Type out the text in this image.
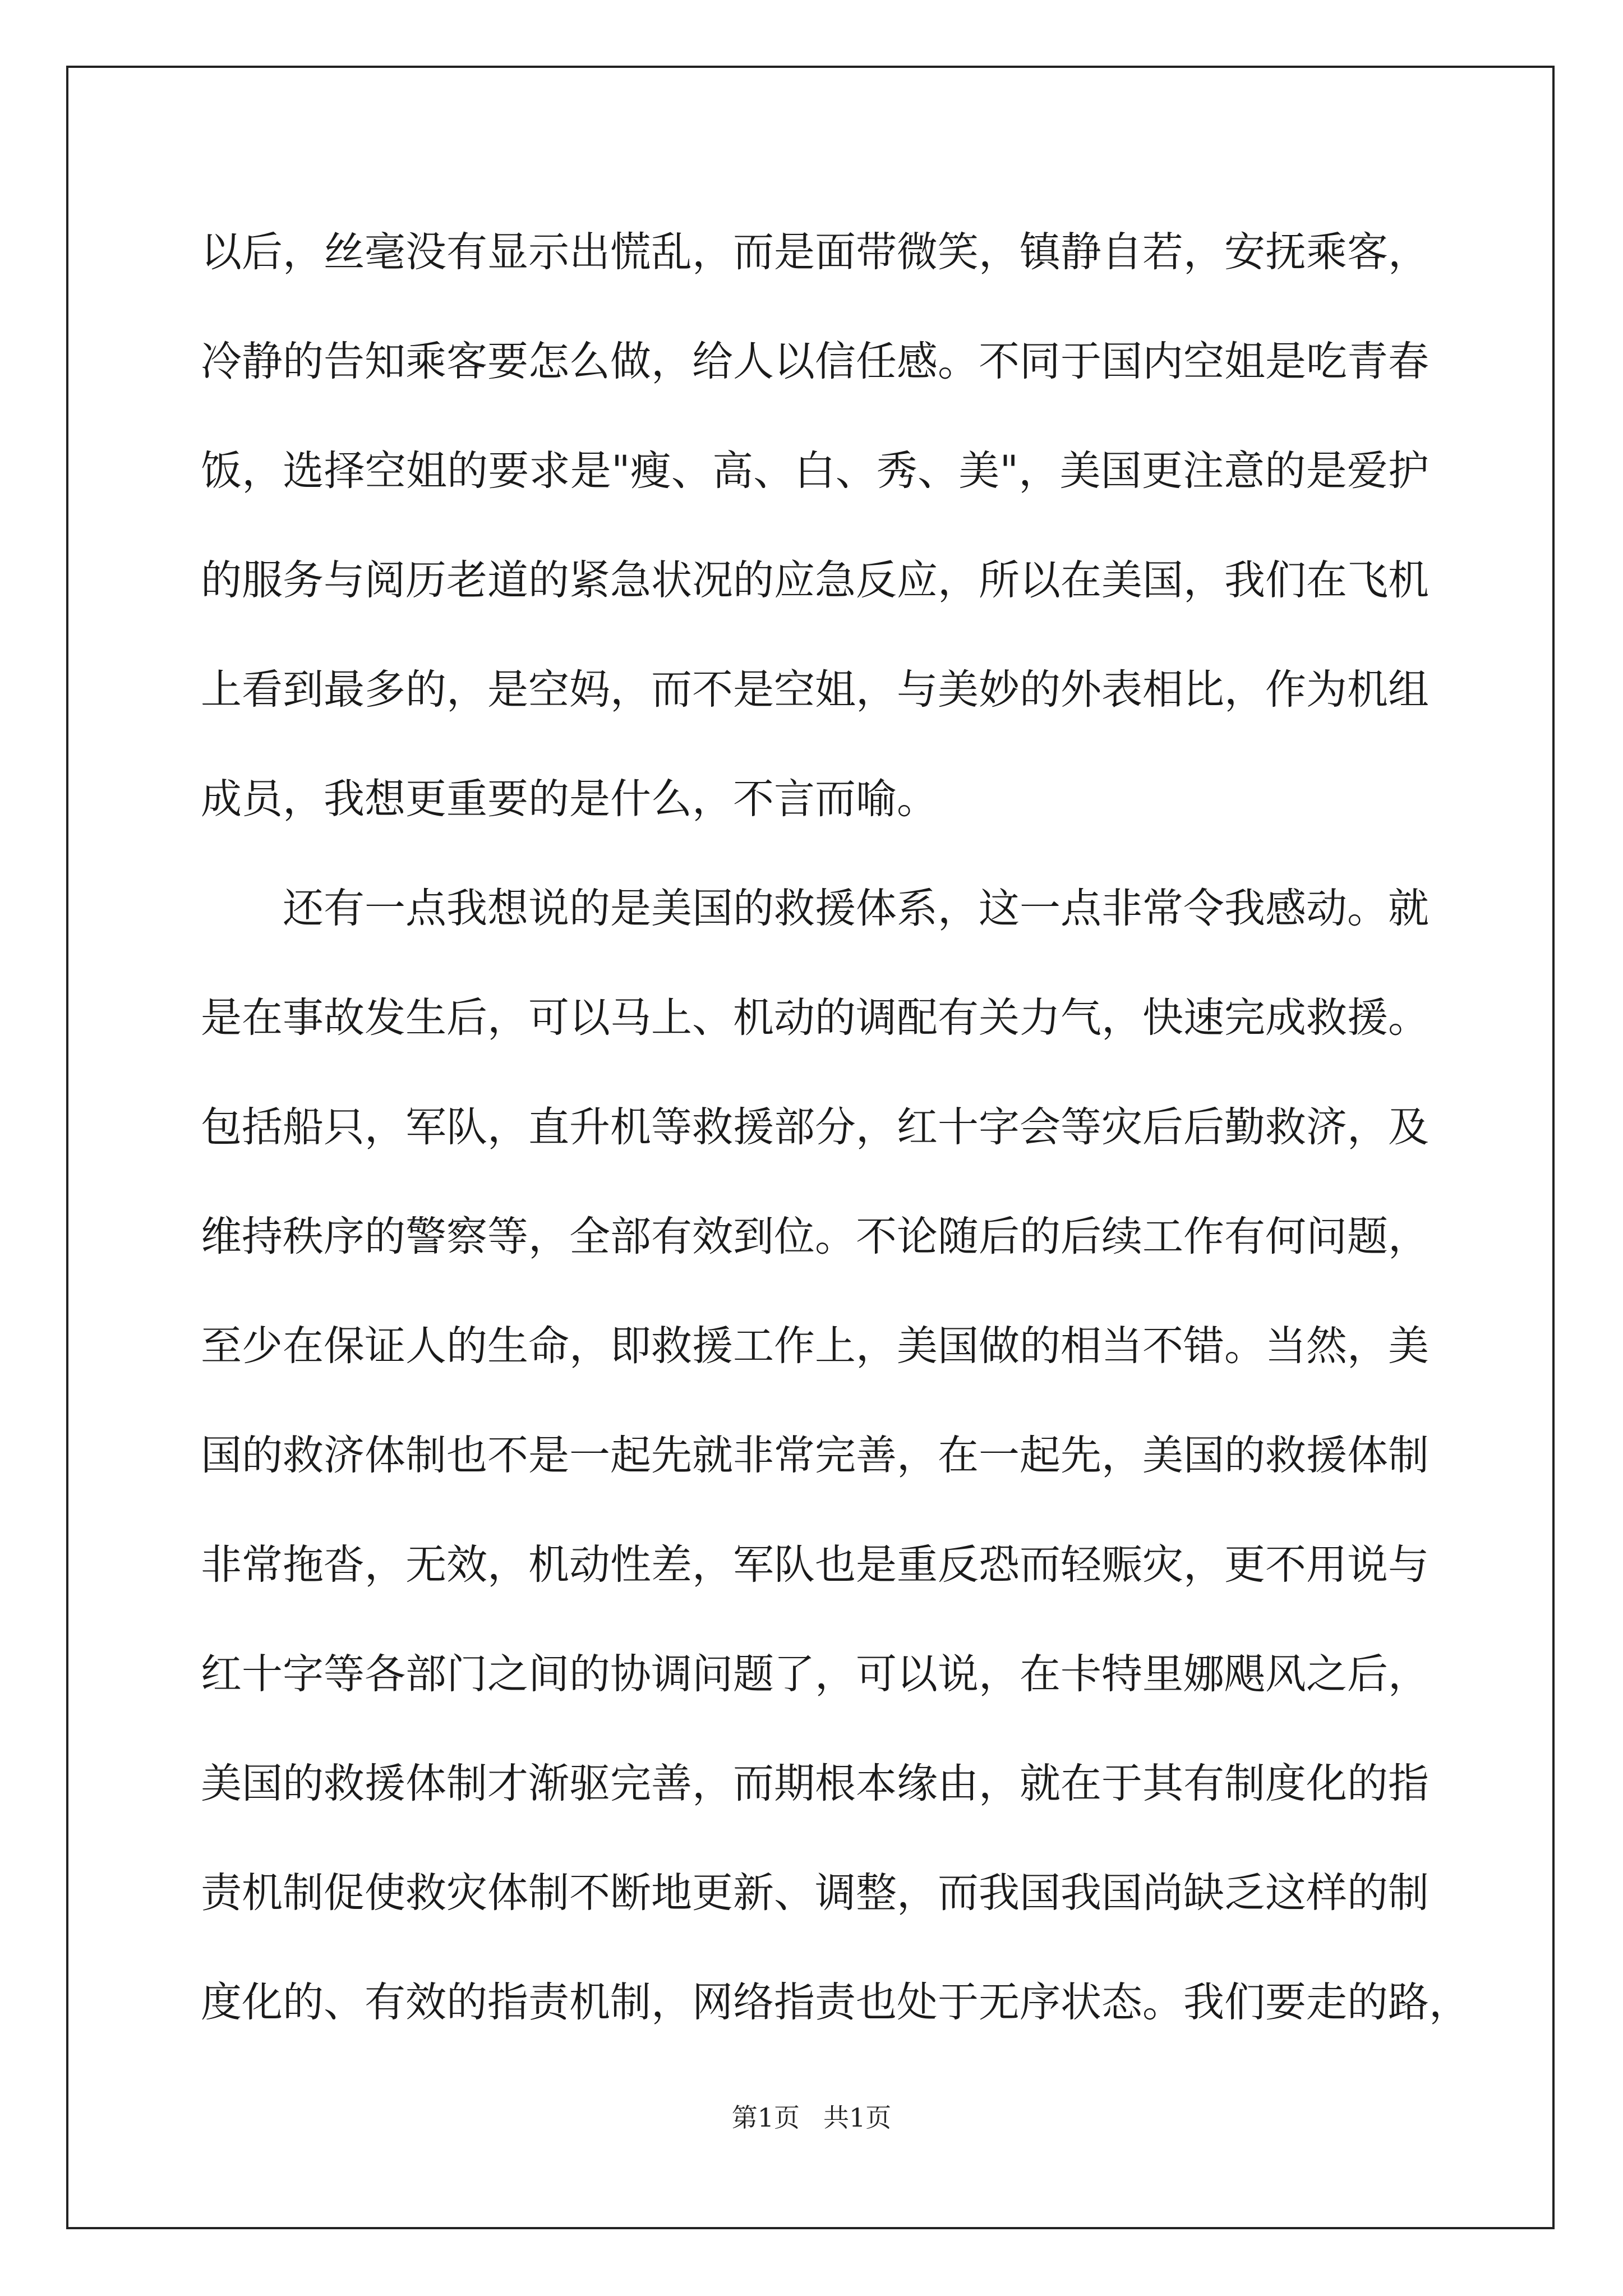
以后，丝毫没有显示出慌乱，而是面带微笑，镇静自若，安抚乘客，
冷静的告知乘客要怎么做，给人以信任感。不同于国内空姐是吃青春
饭，选择空姐的要求是"瘦、高、白、秀、美"，美国更注意的是爱护
的服务与阅历老道的紧急状况的应急反应，所以在美国，我们在飞机
上看到最多的，是空妈，而不是空姐，与美妙的外表相比，作为机组
成员，我想更重要的是什么，不言而喻。
还有一点我想说的是美国的救援体系，这一点非常令我感动。就
是在事故发生后，可以马上、机动的调配有关力气，快速完成救援。
包括船只，军队，直升机等救援部分，红十字会等灾后后勤救济，及
维持秩序的警察等，全部有效到位。不论随后的后续工作有何问题，
至少在保证人的生命，即救援工作上，美国做的相当不错。当然，美
国的救济体制也不是一起先就非常完善，在一起先，美国的救援体制
非常拖沓，无效，机动性差，军队也是重反恐而轻赈灾，更不用说与
红十字等各部门之间的协调问题了，可以说，在卡特里娜飓风之后，
美国的救援体制才渐驱完善，而期根本缘由，就在于其有制度化的指
责机制促使救灾体制不断地更新、调整，而我国我国尚缺乏这样的制
度化的、有效的指责机制，网络指责也处于无序状态。我们要走的路，
第1页 共1页
